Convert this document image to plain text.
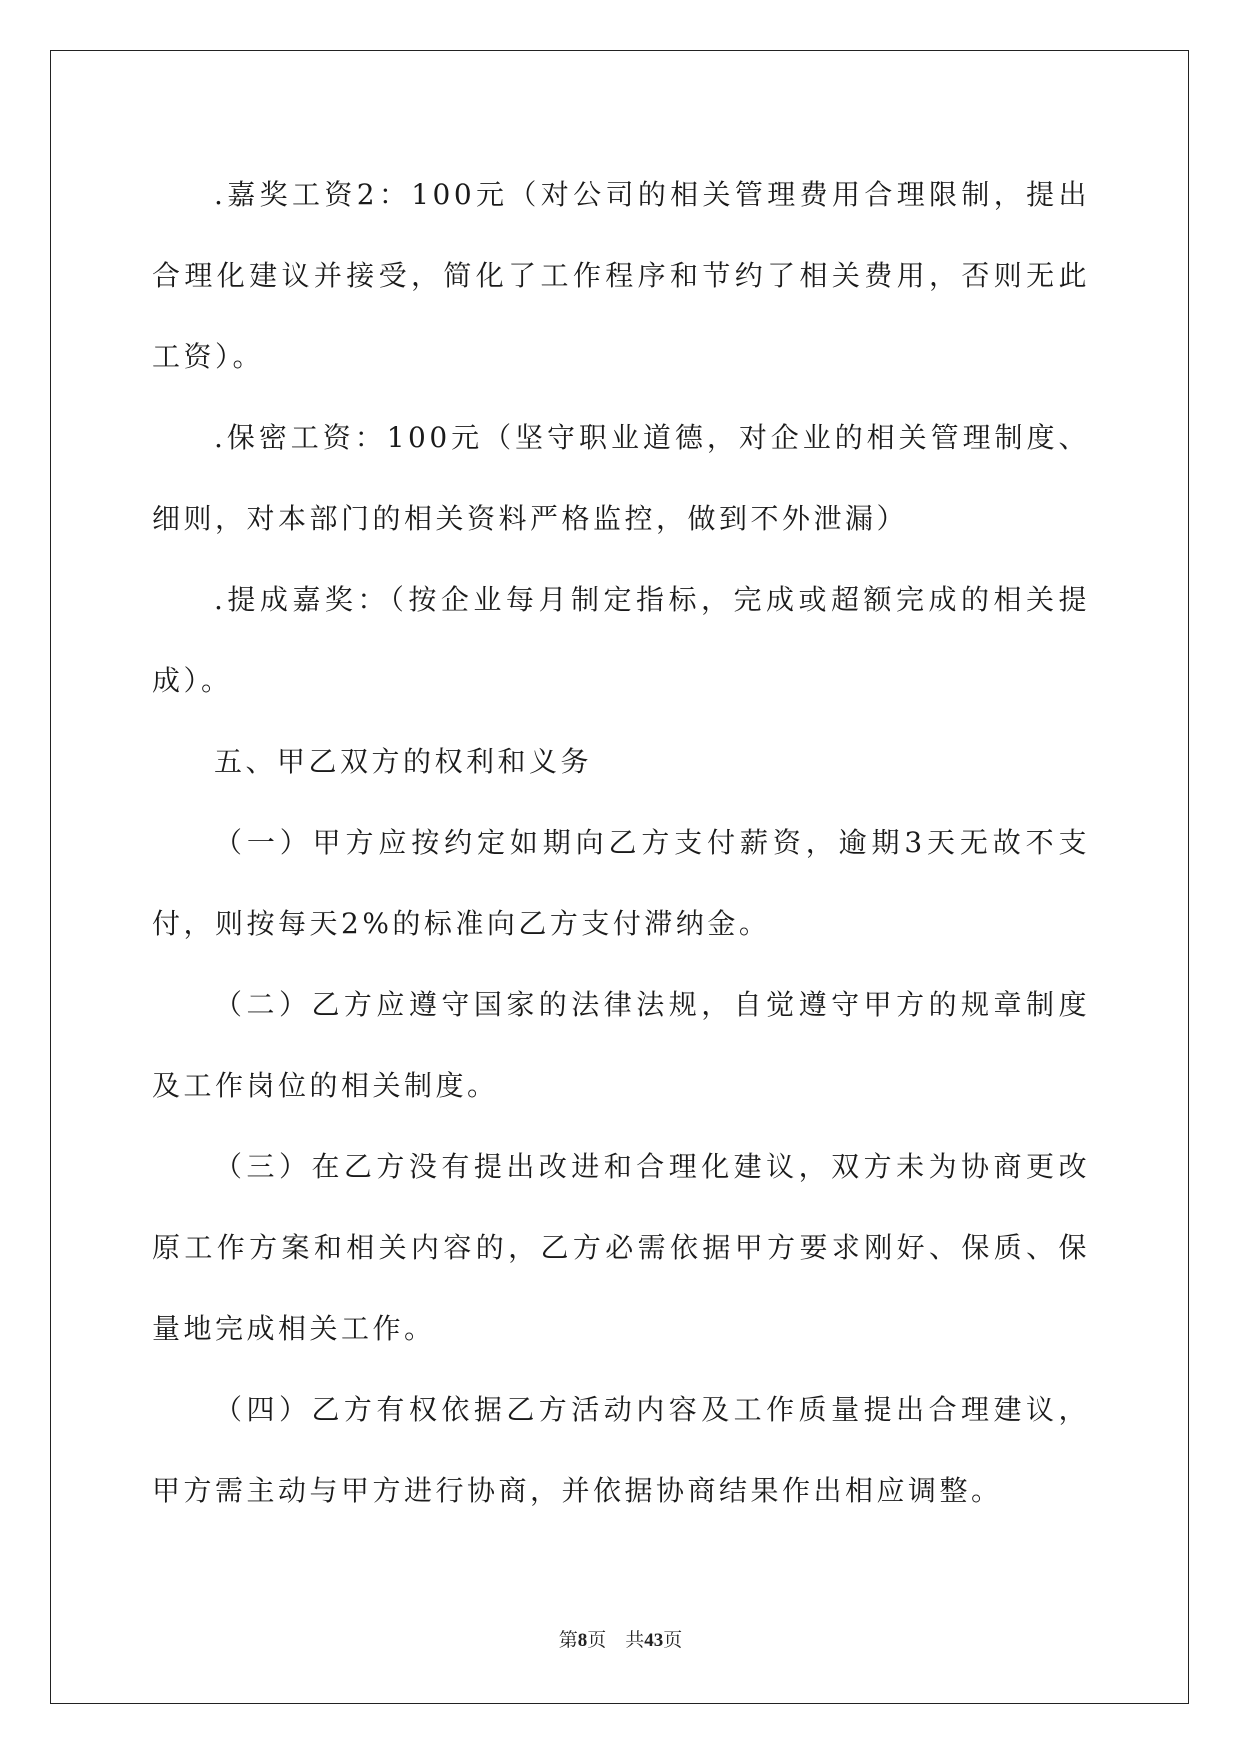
.嘉奖工资2：100元（对公司的相关管理费用合理限制，提出合理化建议并接受，简化了工作程序和节约了相关费用，否则无此工资）。

.保密工资：100元（坚守职业道德，对企业的相关管理制度、细则，对本部门的相关资料严格监控，做到不外泄漏）

.提成嘉奖：（按企业每月制定指标，完成或超额完成的相关提成）。

五、甲乙双方的权利和义务

（一）甲方应按约定如期向乙方支付薪资，逾期3天无故不支付，则按每天2%的标准向乙方支付滞纳金。

（二）乙方应遵守国家的法律法规，自觉遵守甲方的规章制度及工作岗位的相关制度。

（三）在乙方没有提出改进和合理化建议，双方未为协商更改原工作方案和相关内容的，乙方必需依据甲方要求刚好、保质、保量地完成相关工作。

（四）乙方有权依据乙方活动内容及工作质量提出合理建议，甲方需主动与甲方进行协商，并依据协商结果作出相应调整。

第8页　共43页
